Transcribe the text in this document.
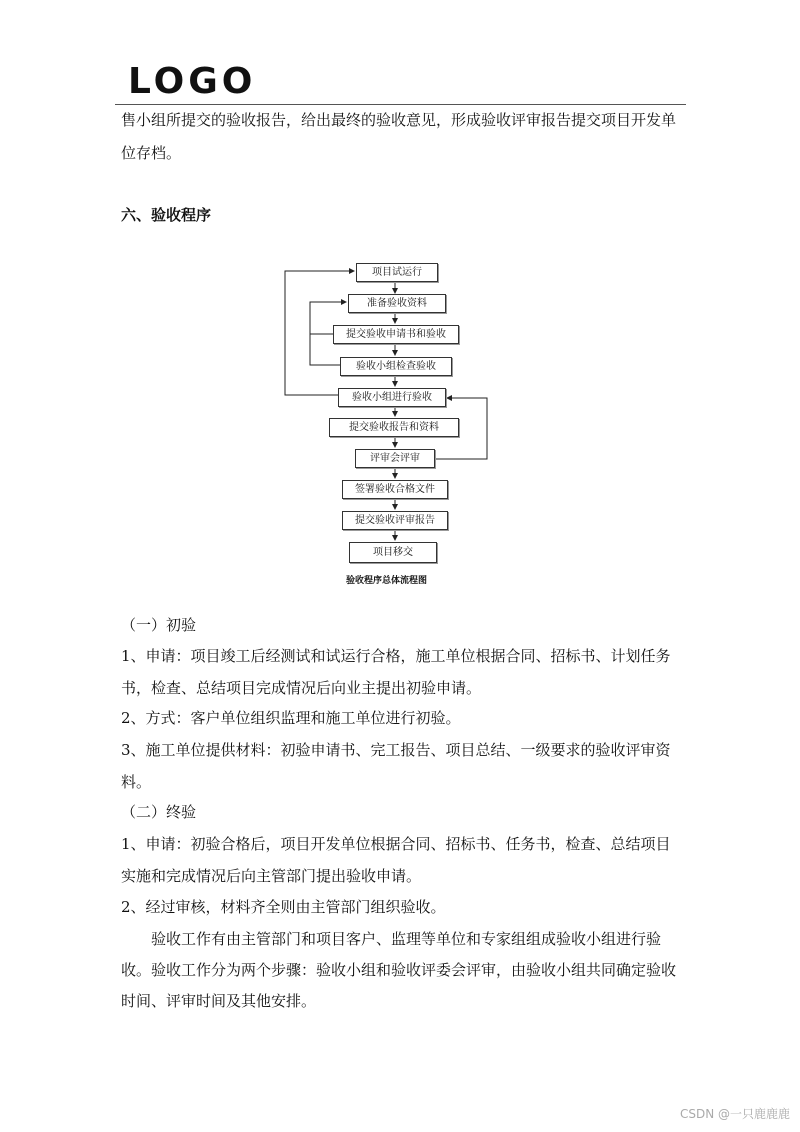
LOGO

售小组所提交的验收报告，给出最终的验收意见，形成验收评审报告提交项目开发单位存档。

六、验收程序

项目试运行
准备验收资料
提交验收申请书和验收
验收小组检查验收
验收小组进行验收
提交验收报告和资料
评审会评审
签署验收合格文件
提交验收评审报告
项目移交
验收程序总体流程图

（一）初验

1、申请：项目竣工后经测试和试运行合格，施工单位根据合同、招标书、计划任务书，检查、总结项目完成情况后向业主提出初验申请。

2、方式：客户单位组织监理和施工单位进行初验。

3、施工单位提供材料：初验申请书、完工报告、项目总结、一级要求的验收评审资料。

（二）终验

1、申请：初验合格后，项目开发单位根据合同、招标书、任务书，检查、总结项目实施和完成情况后向主管部门提出验收申请。

2、经过审核，材料齐全则由主管部门组织验收。

验收工作有由主管部门和项目客户、监理等单位和专家组组成验收小组进行验收。验收工作分为两个步骤：验收小组和验收评委会评审，由验收小组共同确定验收时间、评审时间及其他安排。

CSDN @一只鹿鹿鹿
